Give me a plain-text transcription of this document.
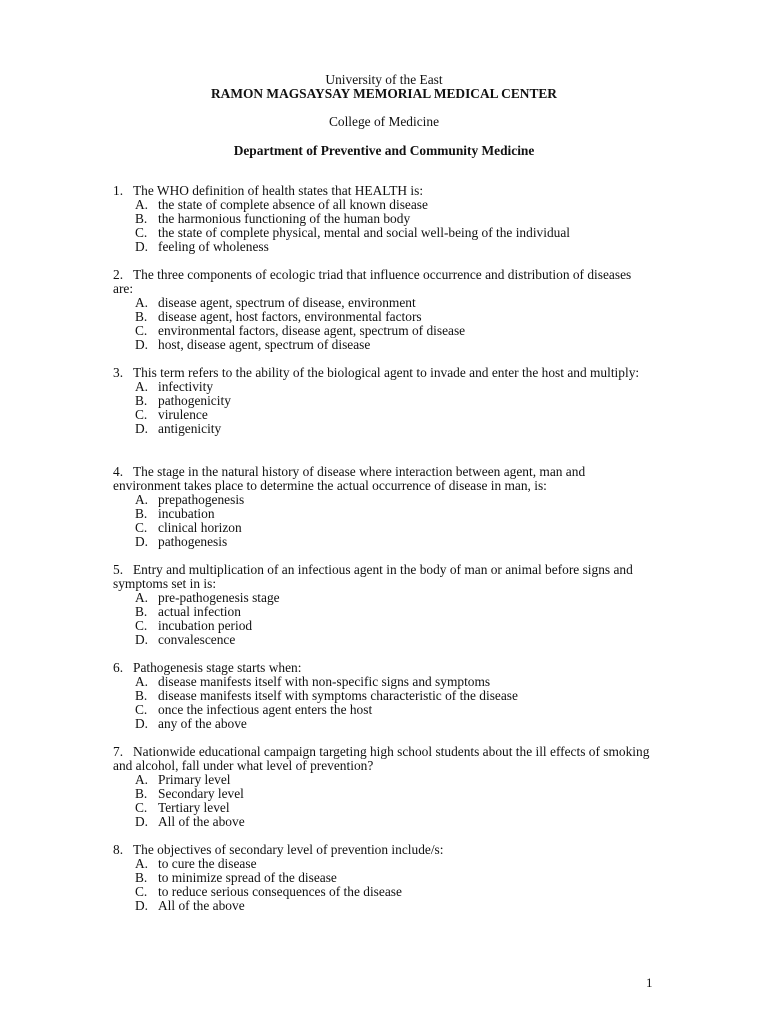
University of the East
RAMON MAGSAYSAY MEMORIAL MEDICAL CENTER
College of Medicine
Department of Preventive and Community Medicine

1. The WHO definition of health states that HEALTH is:

A. the state of complete absence of all known disease
B. the harmonious functioning of the human body
C. the state of complete physical, mental and social well-being of the individual
D. feeling of wholeness

2. The three components of ecologic triad that influence occurrence and distribution of diseases are:

A. disease agent, spectrum of disease, environment
B. disease agent, host factors, environmental factors
C. environmental factors, disease agent, spectrum of disease
D. host, disease agent, spectrum of disease

3. This term refers to the ability of the biological agent to invade and enter the host and multiply:

A. infectivity
B. pathogenicity
C. virulence
D. antigenicity

4. The stage in the natural history of disease where interaction between agent, man and environment takes place to determine the actual occurrence of disease in man, is:

A. prepathogenesis
B. incubation
C. clinical horizon
D. pathogenesis

5. Entry and multiplication of an infectious agent in the body of man or animal before signs and symptoms set in is:

A. pre-pathogenesis stage
B. actual infection
C. incubation period
D. convalescence

6. Pathogenesis stage starts when:

A. disease manifests itself with non-specific signs and symptoms
B. disease manifests itself with symptoms characteristic of the disease
C. once the infectious agent enters the host
D. any of the above

7. Nationwide educational campaign targeting high school students about the ill effects of smoking and alcohol, fall under what level of prevention?

A. Primary level
B. Secondary level
C. Tertiary level
D. All of the above

8. The objectives of secondary level of prevention include/s:

A. to cure the disease
B. to minimize spread of the disease
C. to reduce serious consequences of the disease
D. All of the above
1
